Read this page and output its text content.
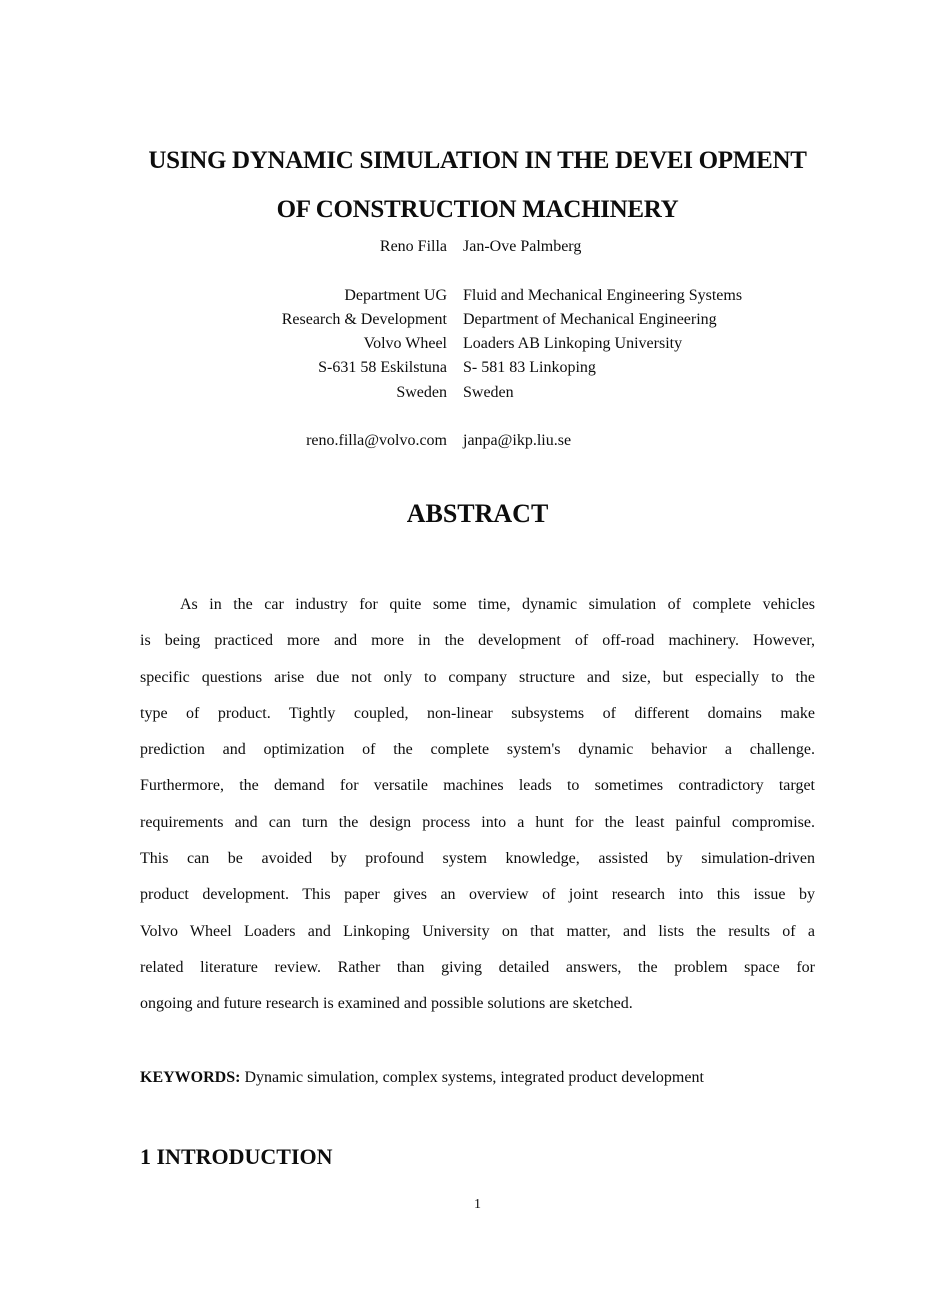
USING DYNAMIC SIMULATION IN THE DEVEI OPMENT
OF CONSTRUCTION MACHINERY
Reno Filla Jan-Ove Palmberg
Department UG Fluid and Mechanical Engineering Systems
Research & Development Department of Mechanical Engineering
Volvo Wheel Loaders AB Linkoping University
S-631 58 Eskilstuna S- 581 83 Linkoping
Sweden Sweden
reno.filla@volvo.com janpa@ikp.liu.se
ABSTRACT
As in the car industry for quite some time, dynamic simulation of complete vehicles
is being practiced more and more in the development of off-road machinery. However,
specific questions arise due not only to company structure and size, but especially to the
type of product. Tightly coupled, non-linear subsystems of different domains make
prediction and optimization of the complete system's dynamic behavior a challenge.
Furthermore, the demand for versatile machines leads to sometimes contradictory target
requirements and can turn the design process into a hunt for the least painful compromise.
This can be avoided by profound system knowledge, assisted by simulation-driven
product development. This paper gives an overview of joint research into this issue by
Volvo Wheel Loaders and Linkoping University on that matter, and lists the results of a
related literature review. Rather than giving detailed answers, the problem space for
ongoing and future research is examined and possible solutions are sketched.
KEYWORDS: Dynamic simulation, complex systems, integrated product development
1 INTRODUCTION
1
